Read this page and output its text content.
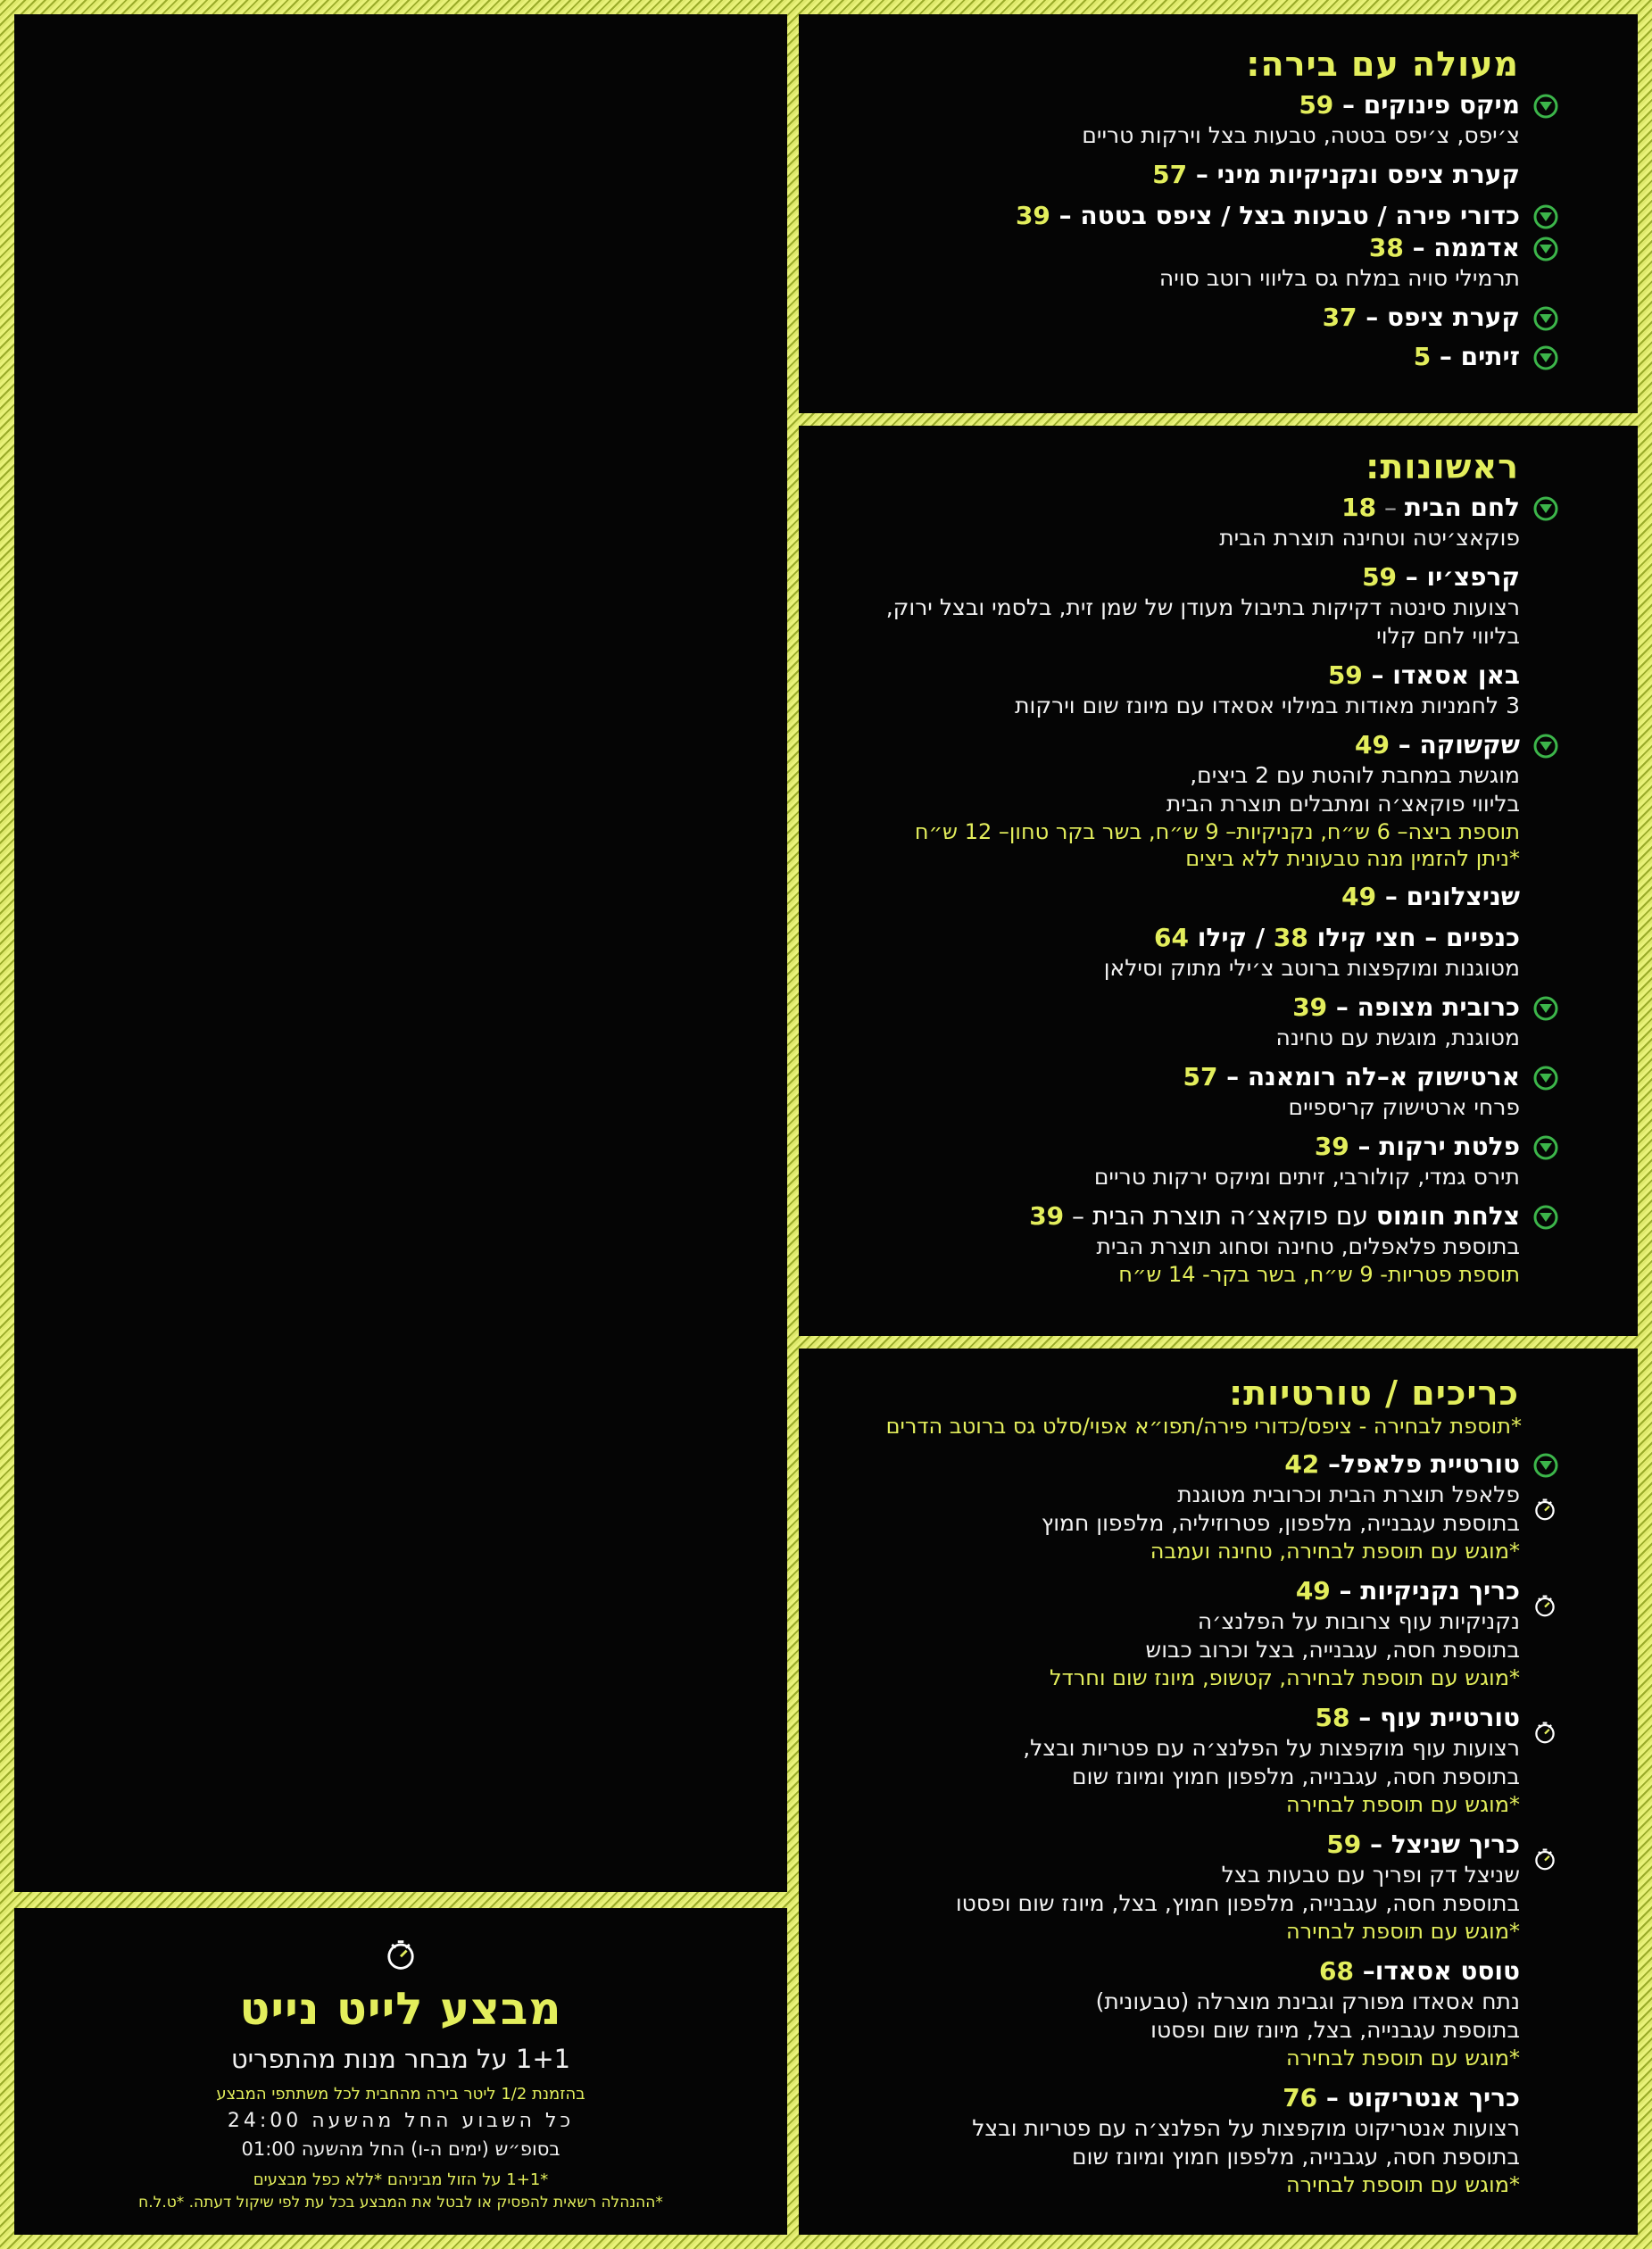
מבצע לייט נייט
1+1 על מבחר מנות מהתפריט
בהזמנת 1/2 ליטר בירה מהחבית לכל משתתפי המבצע
כל השבוע החל מהשעה 24:00
בסופ״ש (ימים ה-ו) החל מהשעה 01:00
*1+1 על הזול מביניהם *ללא כפל מבצעים
*ההנהלה רשאית להפסיק או לבטל את המבצע בכל עת לפי שיקול דעתה. *ט.ל.ח
מעולה עם בירה:
מיקס פינוקים – 59
צ׳יפס, צ׳יפס בטטה, טבעות בצל וירקות טריים
קערת ציפס ונקניקיות מיני – 57
כדורי פירה / טבעות בצל / ציפס בטטה – 39
אדממה – 38
תרמילי סויה במלח גס בליווי רוטב סויה
קערת ציפס – 37
זיתים – 5
ראשונות:
לחם הבית – 18
פוקאצ׳יטה וטחינה תוצרת הבית
קרפצ׳יו – 59
רצועות סינטה דקיקות בתיבול מעודן של שמן זית, בלסמי ובצל ירוק,
בליווי לחם קלוי
באן אסאדו – 59
3 לחמניות מאודות במילוי אסאדו עם מיונז שום וירקות
שקשוקה – 49
מוגשת במחבת לוהטת עם 2 ביצים,
בליווי פוקאצ׳ה ומתבלים תוצרת הבית
תוספת ביצה– 6 ש״ח, נקניקיות– 9 ש״ח, בשר בקר טחון– 12 ש״ח
*ניתן להזמין מנה טבעונית ללא ביצים
שניצלונים – 49
כנפיים – חצי קילו 38 / קילו 64
מטוגנות ומוקפצות ברוטב צ׳ילי מתוק וסילאן
כרובית מצופה – 39
מטוגנת, מוגשת עם טחינה
ארטישוק א–לה רומאנה – 57
פרחי ארטישוק קריספיים
פלטת ירקות – 39
תירס גמדי, קולורבי, זיתים ומיקס ירקות טריים
צלחת חומוס עם פוקאצ׳ה תוצרת הבית – 39
בתוספת פלאפלים, טחינה וסחוג תוצרת הבית
תוספת פטריות- 9 ש״ח, בשר בקר- 14 ש״ח
כריכים / טורטיות:
*תוספת לבחירה - ציפס/כדורי פירה/תפו״א אפוי/סלט גס ברוטב הדרים
טורטיית פלאפל– 42
פלאפל תוצרת הבית וכרובית מטוגנת
בתוספת עגבנייה, מלפפון, פטרוזיליה, מלפפון חמוץ
*מוגש עם תוספת לבחירה, טחינה ועמבה
כריך נקניקיות – 49
נקניקיות עוף צרובות על הפלנצ׳ה
בתוספת חסה, עגבנייה, בצל וכרוב כבוש
*מוגש עם תוספת לבחירה, קטשופ, מיונז שום וחרדל
טורטיית עוף – 58
רצועות עוף מוקפצות על הפלנצ׳ה עם פטריות ובצל,
בתוספת חסה, עגבנייה, מלפפון חמוץ ומיונז שום
*מוגש עם תוספת לבחירה
כריך שניצל – 59
שניצל דק ופריך עם טבעות בצל
בתוספת חסה, עגבנייה, מלפפון חמוץ, בצל, מיונז שום ופסטו
*מוגש עם תוספת לבחירה
טוסט אסאדו– 68
נתח אסאדו מפורק וגבינת מוצרלה (טבעונית)
בתוספת עגבנייה, בצל, מיונז שום ופסטו
*מוגש עם תוספת לבחירה
כריך אנטריקוט – 76
רצועות אנטריקוט מוקפצות על הפלנצ׳ה עם פטריות ובצל
בתוספת חסה, עגבנייה, מלפפון חמוץ ומיונז שום
*מוגש עם תוספת לבחירה
